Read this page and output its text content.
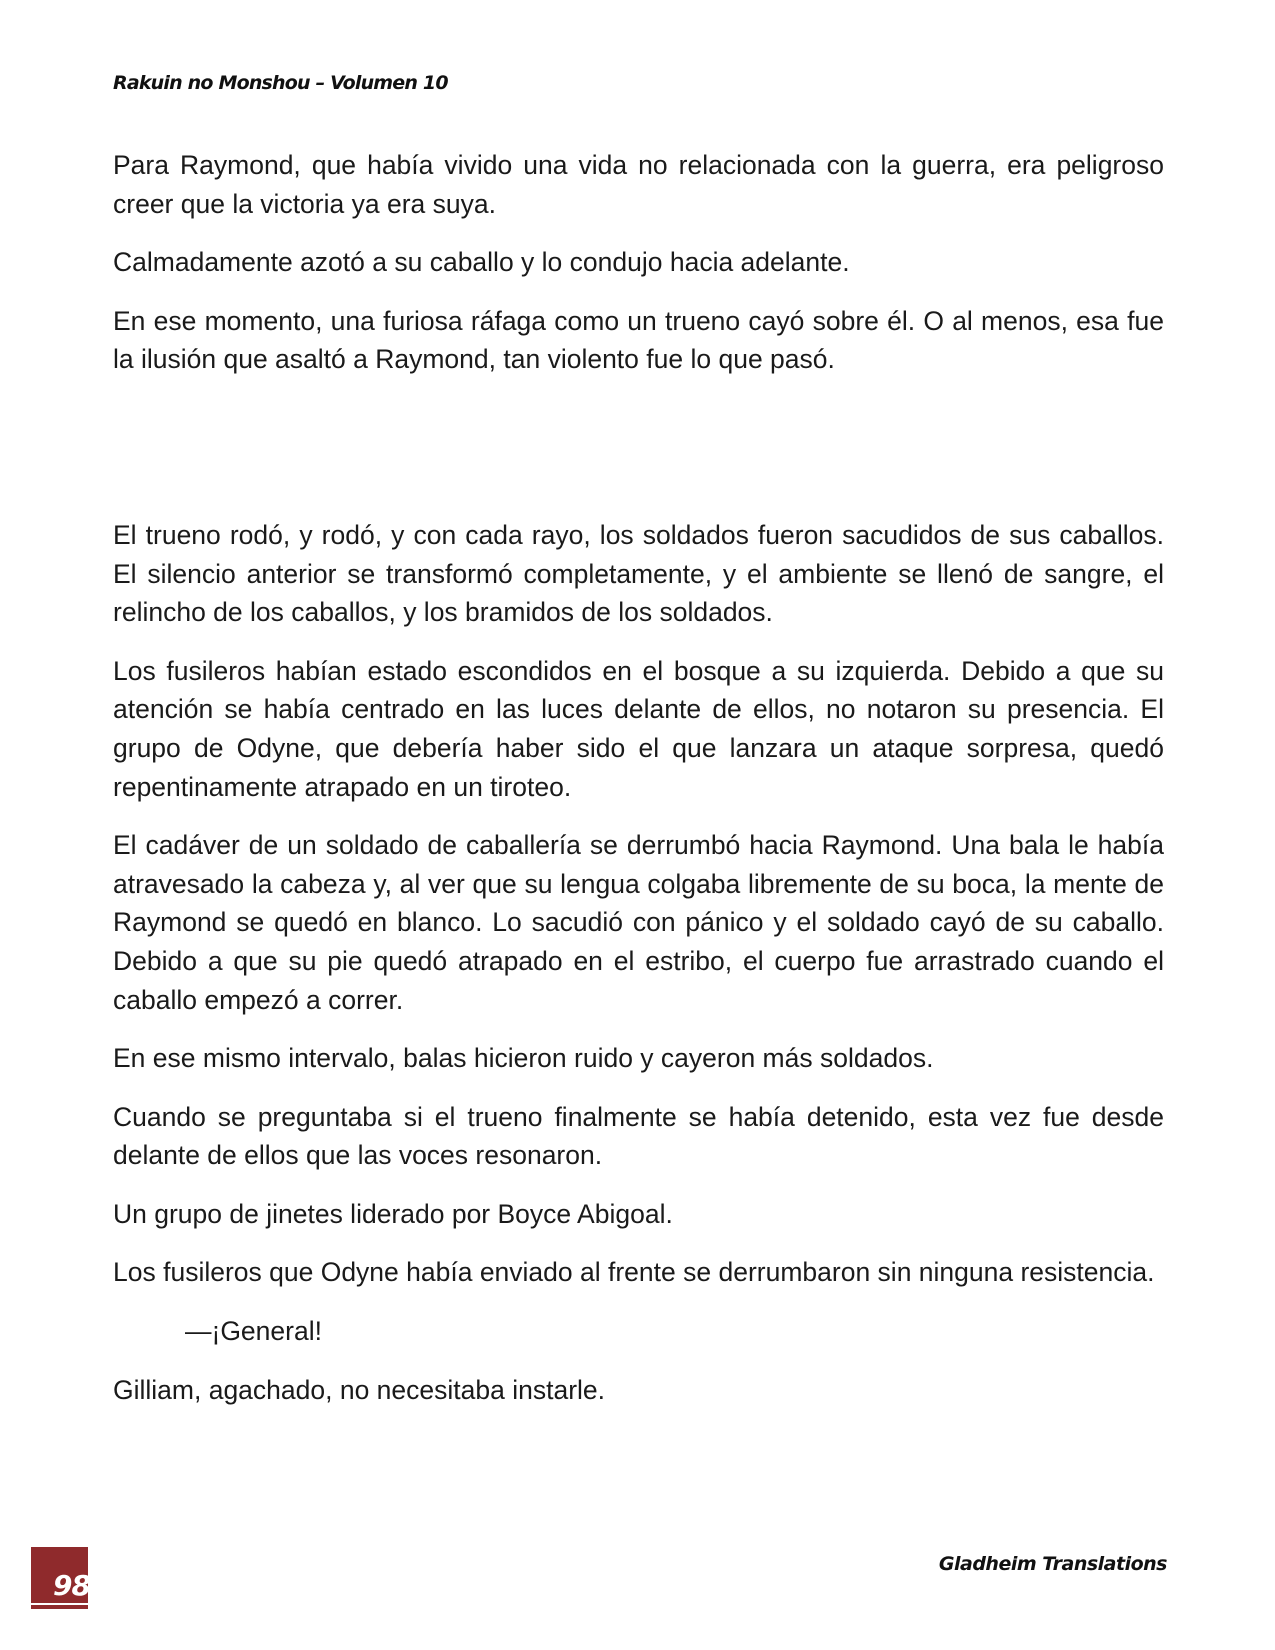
Rakuin no Monshou – Volumen 10

Para Raymond, que había vivido una vida no relacionada con la guerra, era peligroso creer que la victoria ya era suya.

Calmadamente azotó a su caballo y lo condujo hacia adelante.

En ese momento, una furiosa ráfaga como un trueno cayó sobre él. O al menos, esa fue la ilusión que asaltó a Raymond, tan violento fue lo que pasó.

El trueno rodó, y rodó, y con cada rayo, los soldados fueron sacudidos de sus caballos. El silencio anterior se transformó completamente, y el ambiente se llenó de sangre, el relincho de los caballos, y los bramidos de los soldados.

Los fusileros habían estado escondidos en el bosque a su izquierda. Debido a que su atención se había centrado en las luces delante de ellos, no notaron su presencia. El grupo de Odyne, que debería haber sido el que lanzara un ataque sorpresa, quedó repentinamente atrapado en un tiroteo.

El cadáver de un soldado de caballería se derrumbó hacia Raymond. Una bala le había atravesado la cabeza y, al ver que su lengua colgaba libremente de su boca, la mente de Raymond se quedó en blanco. Lo sacudió con pánico y el soldado cayó de su caballo. Debido a que su pie quedó atrapado en el estribo, el cuerpo fue arrastrado cuando el caballo empezó a correr.

En ese mismo intervalo, balas hicieron ruido y cayeron más soldados.

Cuando se preguntaba si el trueno finalmente se había detenido, esta vez fue desde delante de ellos que las voces resonaron.

Un grupo de jinetes liderado por Boyce Abigoal.

Los fusileros que Odyne había enviado al frente se derrumbaron sin ninguna resistencia.

—¡General!

Gilliam, agachado, no necesitaba instarle.

98
Gladheim Translations
